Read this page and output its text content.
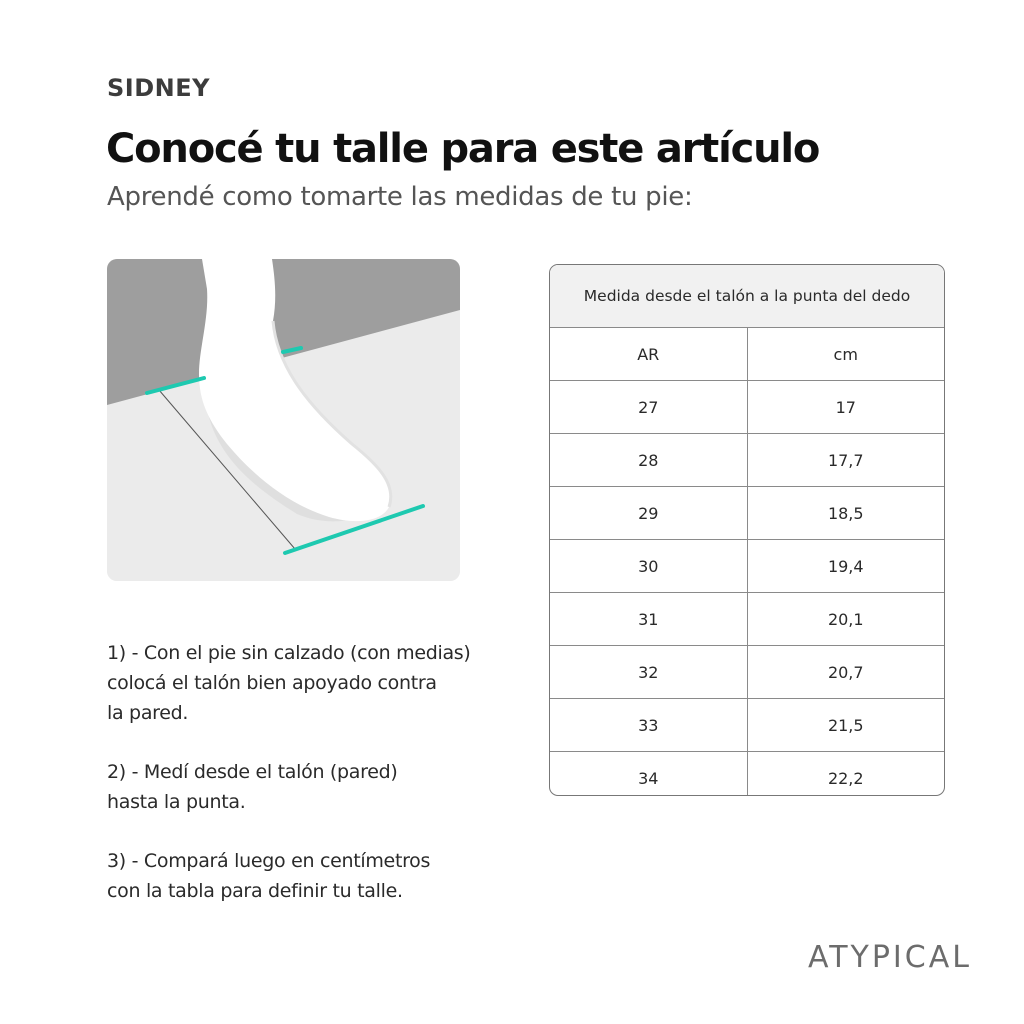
SIDNEY
Conocé tu talle para este artículo
Aprendé como tomarte las medidas de tu pie:

1) - Con el pie sin calzado (con medias)
colocá el talón bien apoyado contra
la pared.

2) - Medí desde el talón (pared)
hasta la punta.

3) - Compará luego en centímetros
con la tabla para definir tu talle.

Medida desde el talón a la punta del dedo	
AR	cm
27	17
28	17,7
29	18,5
30	19,4
31	20,1
32	20,7
33	21,5
34	22,2
ATYPICAL
